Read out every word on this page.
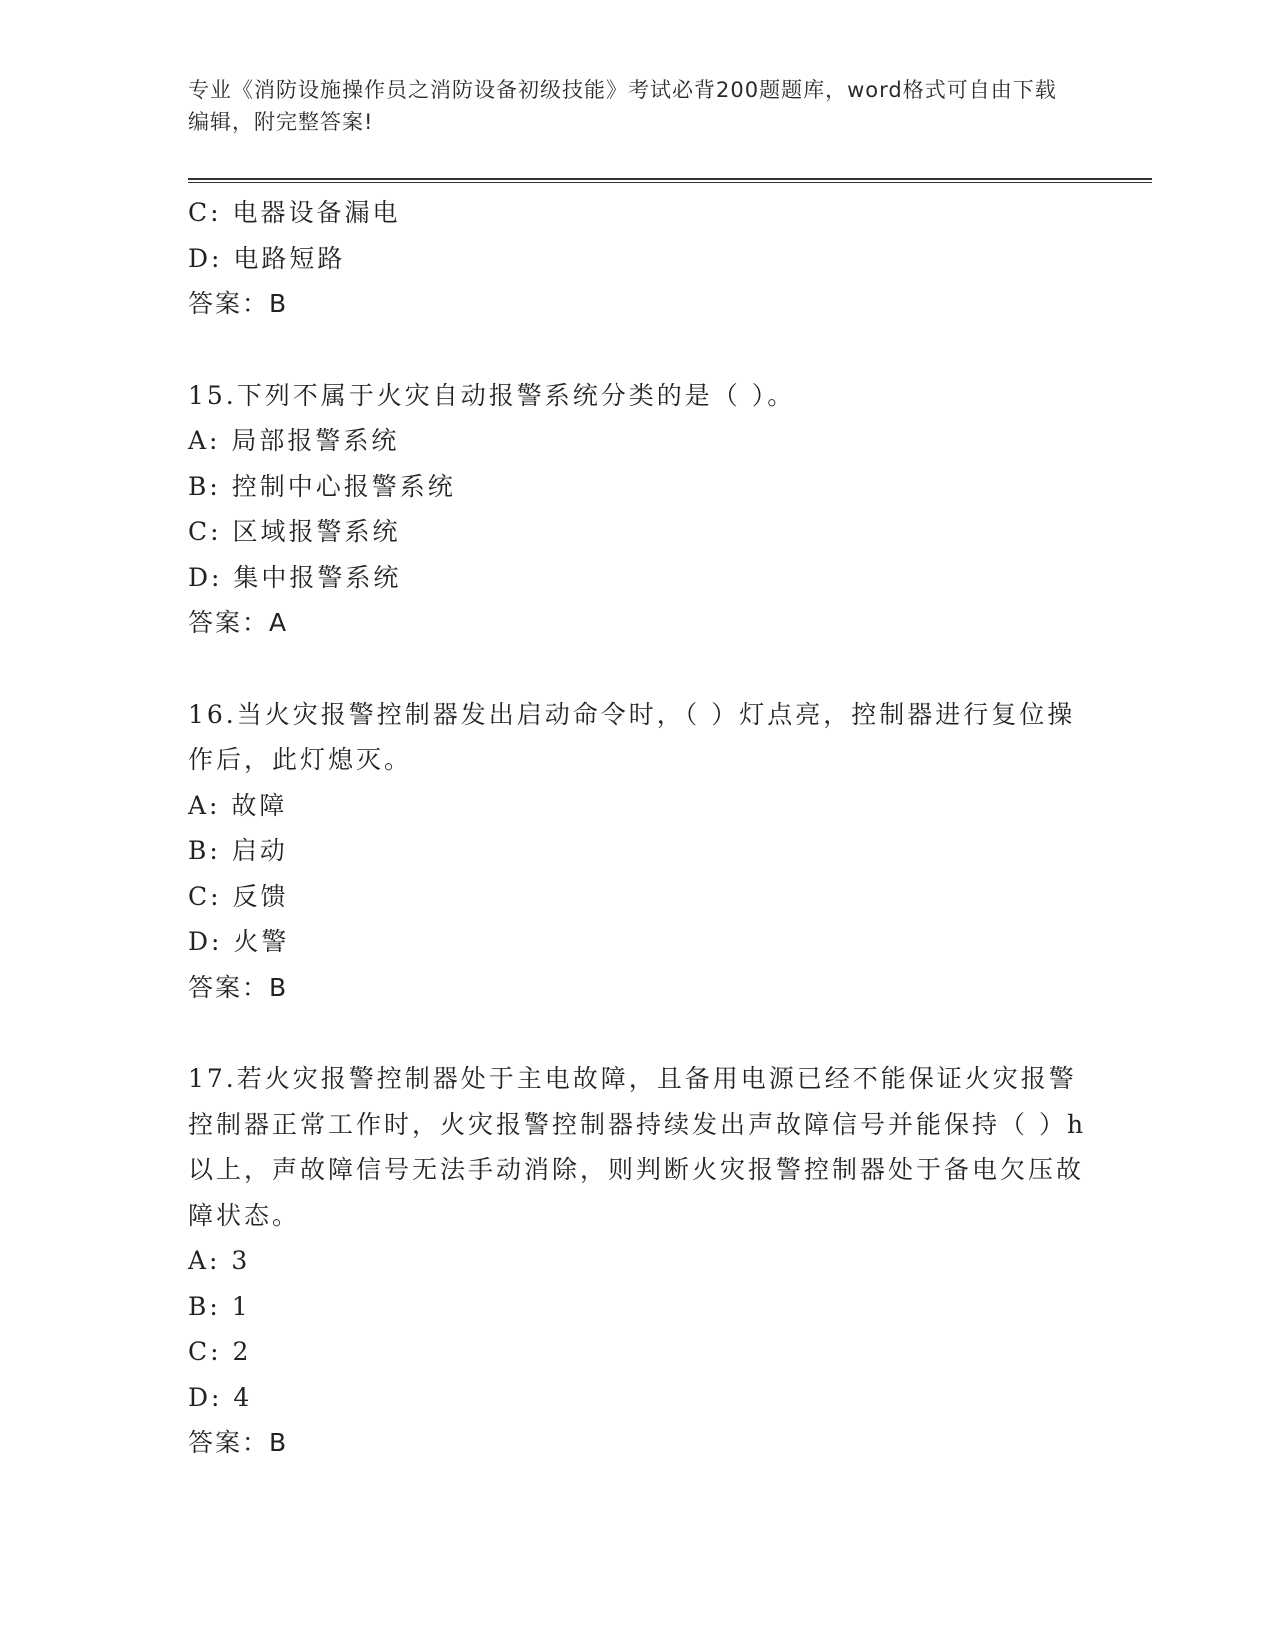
专业《消防设施操作员之消防设备初级技能》考试必背200题题库，word格式可自由下载编辑，附完整答案!
C: 电器设备漏电
D: 电路短路
答案：B
15.下列不属于火灾自动报警系统分类的是（ ）。
A: 局部报警系统
B: 控制中心报警系统
C: 区域报警系统
D: 集中报警系统
答案：A
16.当火灾报警控制器发出启动命令时，（ ）灯点亮，控制器进行复位操作后，此灯熄灭。
A: 故障
B: 启动
C: 反馈
D: 火警
答案：B
17.若火灾报警控制器处于主电故障，且备用电源已经不能保证火灾报警控制器正常工作时，火灾报警控制器持续发出声故障信号并能保持（ ）h以上，声故障信号无法手动消除，则判断火灾报警控制器处于备电欠压故障状态。
A: 3
B: 1
C: 2
D: 4
答案：B
